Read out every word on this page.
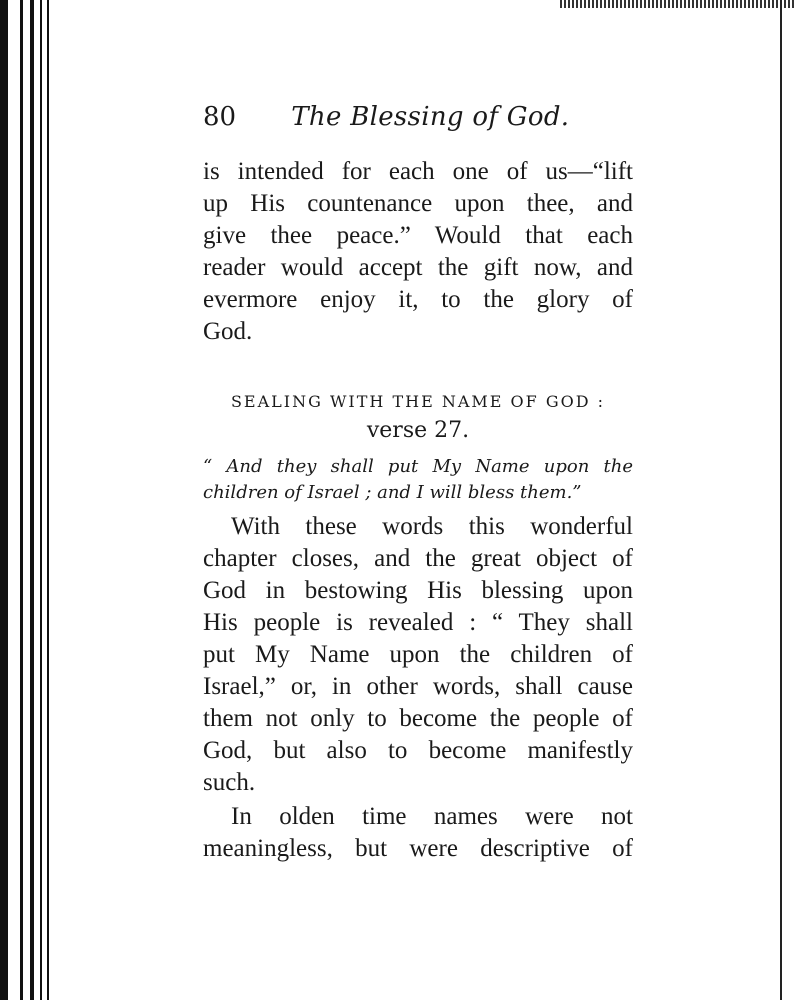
80 The Blessing of God.

is intended for each one of us—“lift
up His countenance upon thee, and
give thee peace.” Would that each
reader would accept the gift now, and
evermore enjoy it, to the glory of
God.

SEALING WITH THE NAME OF GOD :
verse 27.
“ And they shall put My Name upon the
children of Israel ; and I will bless them.”

With these words this wonderful
chapter closes, and the great object of
God in bestowing His blessing upon
His people is revealed : “ They shall
put My Name upon the children of
Israel,” or, in other words, shall cause
them not only to become the people of
God, but also to become manifestly
such.

In olden time names were not
meaningless, but were descriptive of
